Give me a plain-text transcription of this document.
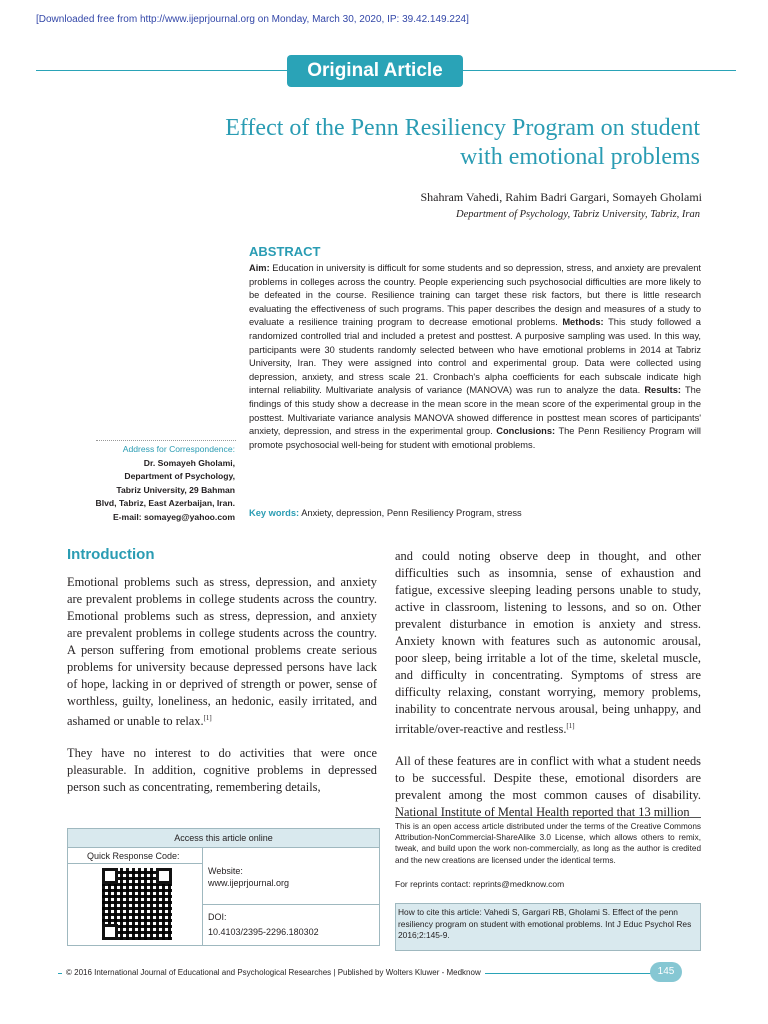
[Downloaded free from http://www.ijeprjournal.org on Monday, March 30, 2020, IP: 39.42.149.224]
Original Article
Effect of the Penn Resiliency Program on student
with emotional problems
Shahram Vahedi, Rahim Badri Gargari, Somayeh Gholami
Department of Psychology, Tabriz University, Tabriz, Iran
ABSTRACT
Aim: Education in university is difficult for some students and so depression, stress, and anxiety are prevalent problems in colleges across the country. People experiencing such psychosocial difficulties are more likely to be defeated in the course. Resilience training can target these risk factors, but there is little research evaluating the effectiveness of such programs. This paper describes the design and measures of a study to evaluate a resilience training program to decrease emotional problems. Methods: This study followed a randomized controlled trial and included a pretest and posttest. A purposive sampling was used. In this way, participants were 30 students randomly selected between who have emotional problems in 2014 at Tabriz University, Iran. They were assigned into control and experimental group. Data were collected using depression, anxiety, and stress scale 21. Cronbach's alpha coefficients for each subscale indicate high internal reliability. Multivariate analysis of variance (MANOVA) was run to analyze the data. Results: The findings of this study show a decrease in the mean score in the mean score of the experimental group in the posttest. Multivariate variance analysis MANOVA showed difference in posttest mean scores of participants' anxiety, depression, and stress in the experimental group. Conclusions: The Penn Resiliency Program will promote psychosocial well-being for student with emotional problems.
Address for Correspondence:
Dr. Somayeh Gholami,
Department of Psychology,
Tabriz University, 29 Bahman
Blvd, Tabriz, East Azerbaijan, Iran.
E-mail: somayeg@yahoo.com Key words: Anxiety, depression, Penn Resiliency Program, stress
Introduction

Emotional problems such as stress, depression, and anxiety are prevalent problems in college students across the country. Emotional problems such as stress, depression, and anxiety are prevalent problems in college students across the country. A person suffering from emotional problems create serious problems for university because depressed persons have lack of hope, lacking in or deprived of strength or power, sense of worthless, guilty, loneliness, an hedonic, easily irritated, and ashamed or unable to relax.[1]

They have no interest to do activities that were once pleasurable. In addition, cognitive problems in depressed person such as concentrating, remembering details,

and could noting observe deep in thought, and other difficulties such as insomnia, sense of exhaustion and fatigue, excessive sleeping leading persons unable to study, active in classroom, listening to lessons, and so on. Other prevalent disturbance in emotion is anxiety and stress. Anxiety known with features such as autonomic arousal, poor sleep, being irritable a lot of the time, skeletal muscle, and difficulty in concentrating. Symptoms of stress are difficulty relaxing, constant worrying, memory problems, inability to concentrate nervous arousal, being unhappy, and irritable/over-reactive and restless.[1]

All of these features are in conflict with what a student needs to be successful. Despite these, emotional disorders are prevalent among the most common causes of disability. National Institute of Mental Health reported that 13 million

Access this article online
Quick Response Code:
Website:
www.ijeprjournal.org
DOI:
10.4103/2395-2296.180302
This is an open access article distributed under the terms of the Creative Commons Attribution-NonCommercial-ShareAlike 3.0 License, which allows others to remix, tweak, and build upon the work non-commercially, as long as the author is credited and the new creations are licensed under the identical terms.
For reprints contact: reprints@medknow.com
How to cite this article: Vahedi S, Gargari RB, Gholami S. Effect of the penn resiliency program on student with emotional problems. Int J Educ Psychol Res 2016;2:145-9.
© 2016 International Journal of Educational and Psychological Researches | Published by Wolters Kluwer - Medknow	145
